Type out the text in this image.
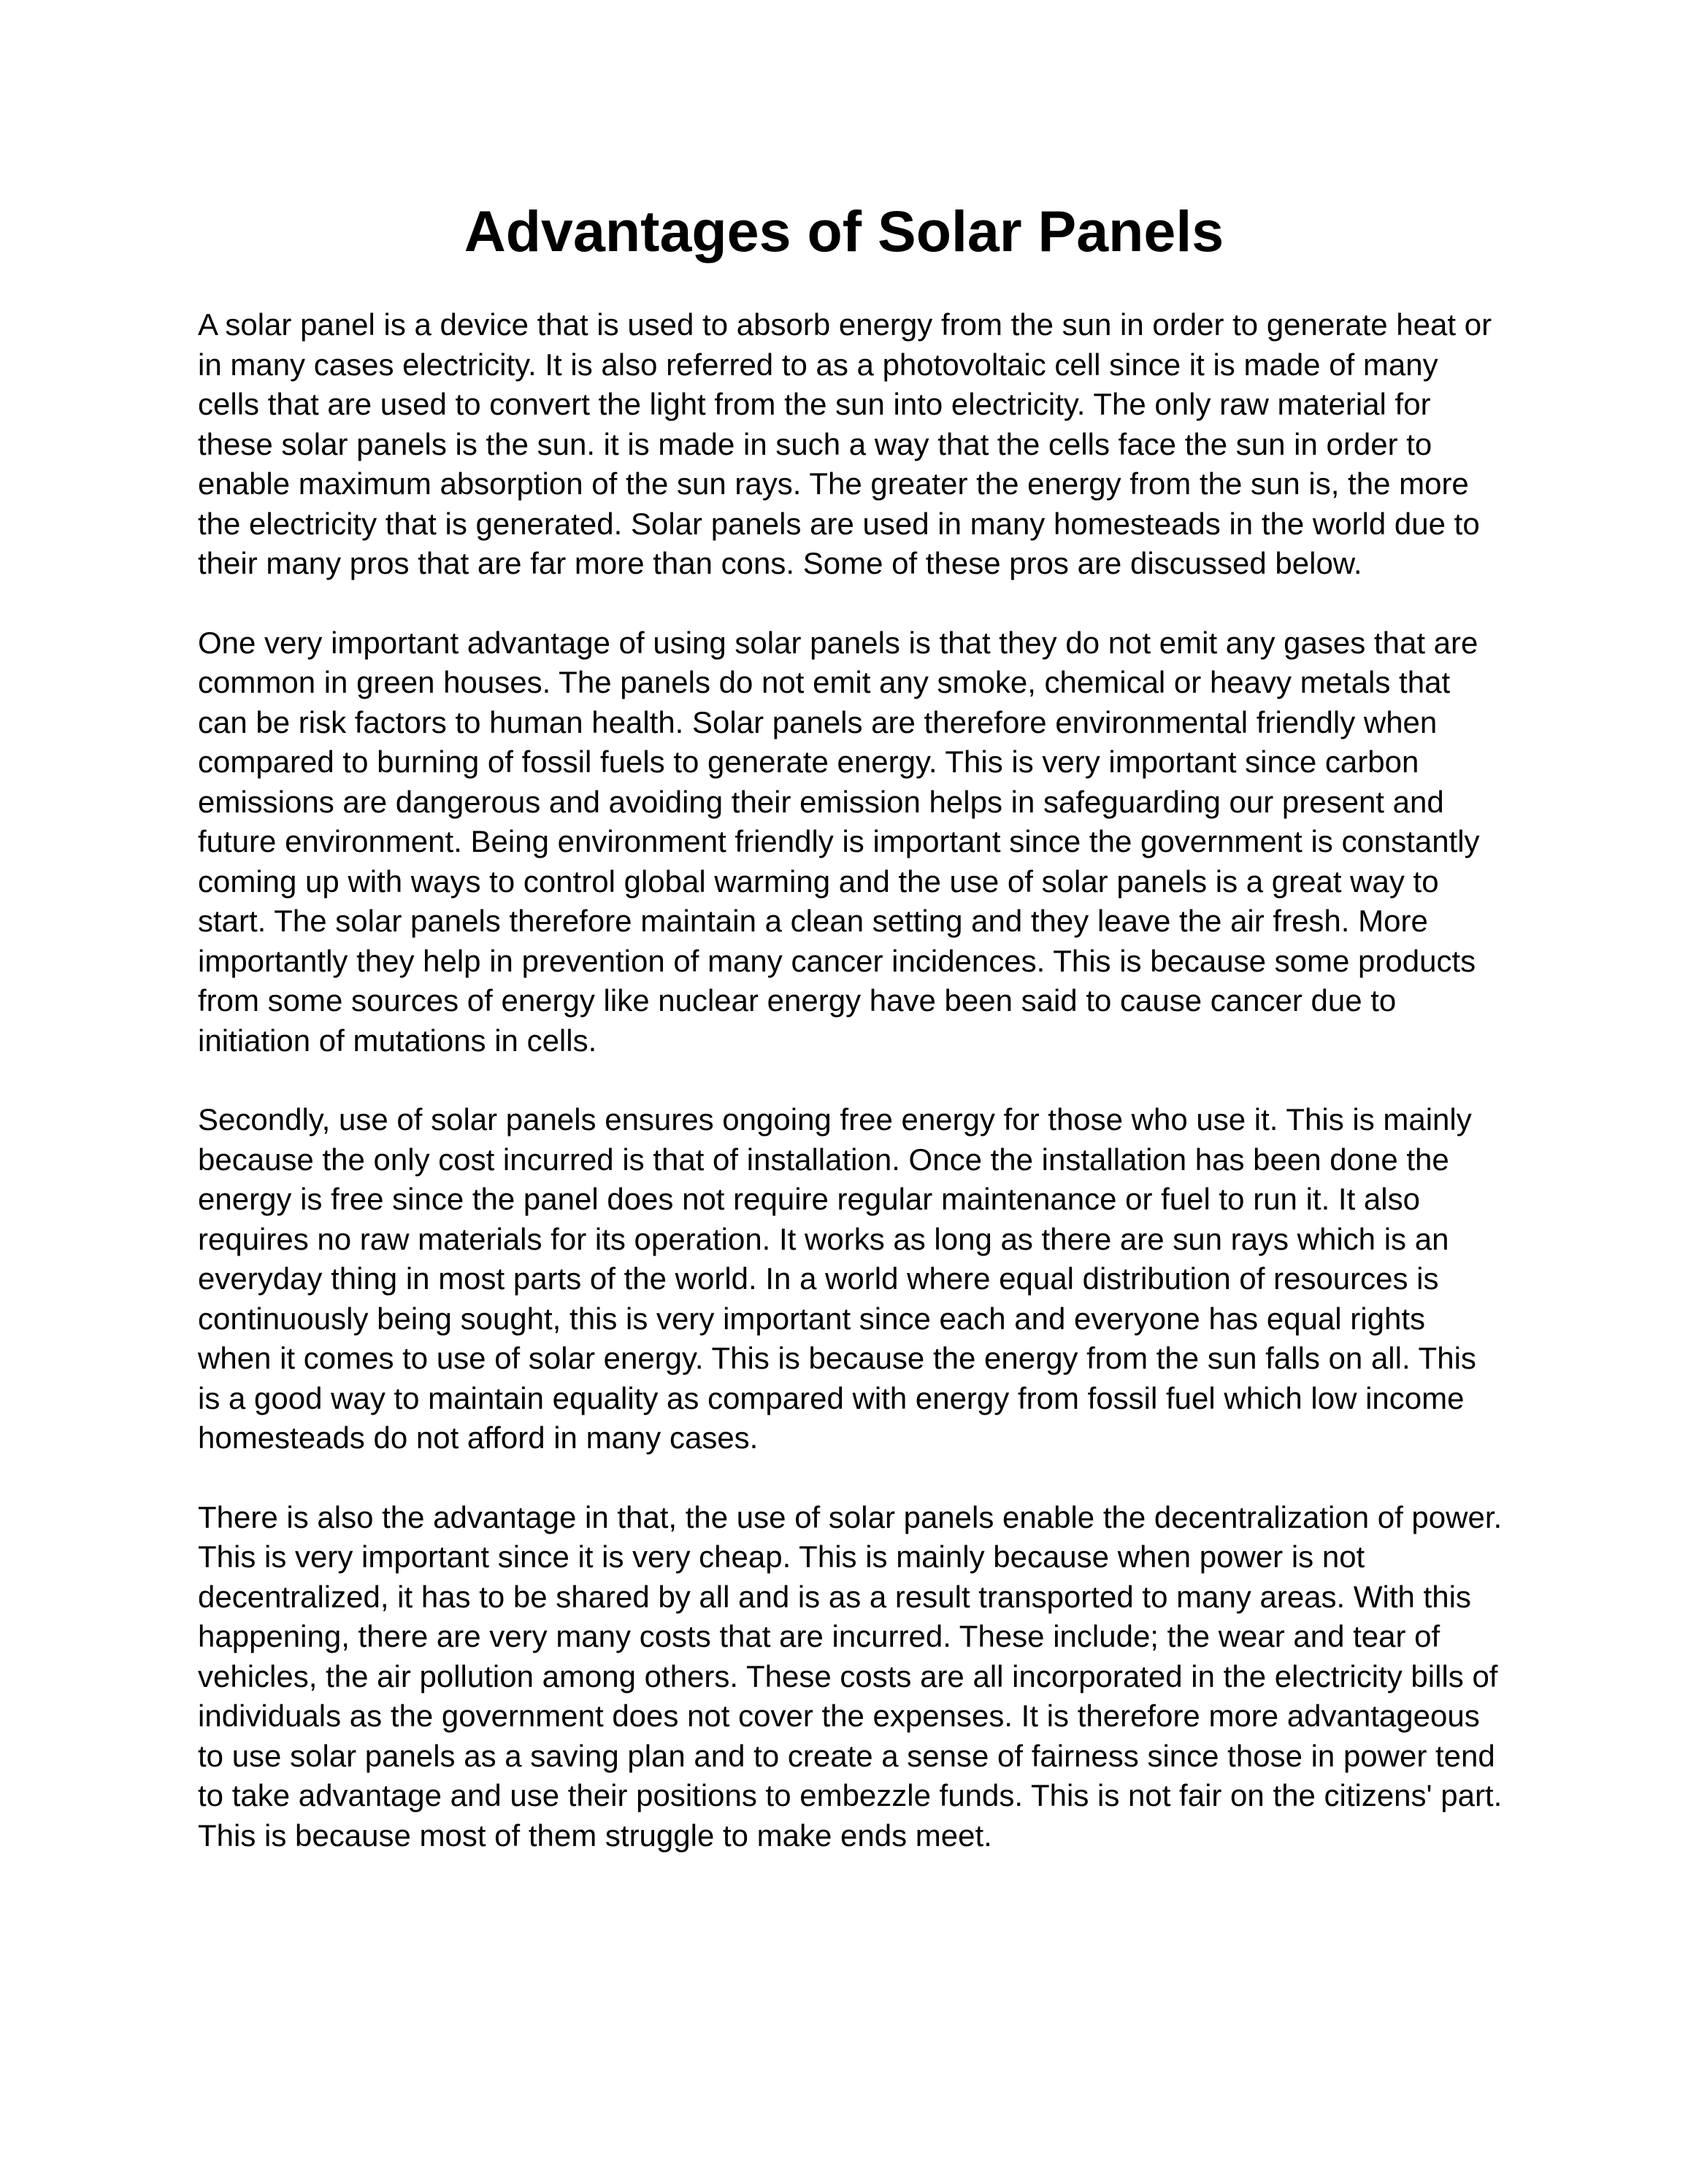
Advantages of Solar Panels

A solar panel is a device that is used to absorb energy from the sun in order to generate heat or
in many cases electricity. It is also referred to as a photovoltaic cell since it is made of many
cells that are used to convert the light from the sun into electricity. The only raw material for
these solar panels is the sun. it is made in such a way that the cells face the sun in order to
enable maximum absorption of the sun rays. The greater the energy from the sun is, the more
the electricity that is generated. Solar panels are used in many homesteads in the world due to
their many pros that are far more than cons. Some of these pros are discussed below.

One very important advantage of using solar panels is that they do not emit any gases that are
common in green houses. The panels do not emit any smoke, chemical or heavy metals that
can be risk factors to human health. Solar panels are therefore environmental friendly when
compared to burning of fossil fuels to generate energy. This is very important since carbon
emissions are dangerous and avoiding their emission helps in safeguarding our present and
future environment. Being environment friendly is important since the government is constantly
coming up with ways to control global warming and the use of solar panels is a great way to
start. The solar panels therefore maintain a clean setting and they leave the air fresh. More
importantly they help in prevention of many cancer incidences. This is because some products
from some sources of energy like nuclear energy have been said to cause cancer due to
initiation of mutations in cells.

Secondly, use of solar panels ensures ongoing free energy for those who use it. This is mainly
because the only cost incurred is that of installation. Once the installation has been done the
energy is free since the panel does not require regular maintenance or fuel to run it. It also
requires no raw materials for its operation. It works as long as there are sun rays which is an
everyday thing in most parts of the world. In a world where equal distribution of resources is
continuously being sought, this is very important since each and everyone has equal rights
when it comes to use of solar energy. This is because the energy from the sun falls on all. This
is a good way to maintain equality as compared with energy from fossil fuel which low income
homesteads do not afford in many cases.

There is also the advantage in that, the use of solar panels enable the decentralization of power.
This is very important since it is very cheap. This is mainly because when power is not
decentralized, it has to be shared by all and is as a result transported to many areas. With this
happening, there are very many costs that are incurred. These include; the wear and tear of
vehicles, the air pollution among others. These costs are all incorporated in the electricity bills of
individuals as the government does not cover the expenses. It is therefore more advantageous
to use solar panels as a saving plan and to create a sense of fairness since those in power tend
to take advantage and use their positions to embezzle funds. This is not fair on the citizens' part.
This is because most of them struggle to make ends meet.
